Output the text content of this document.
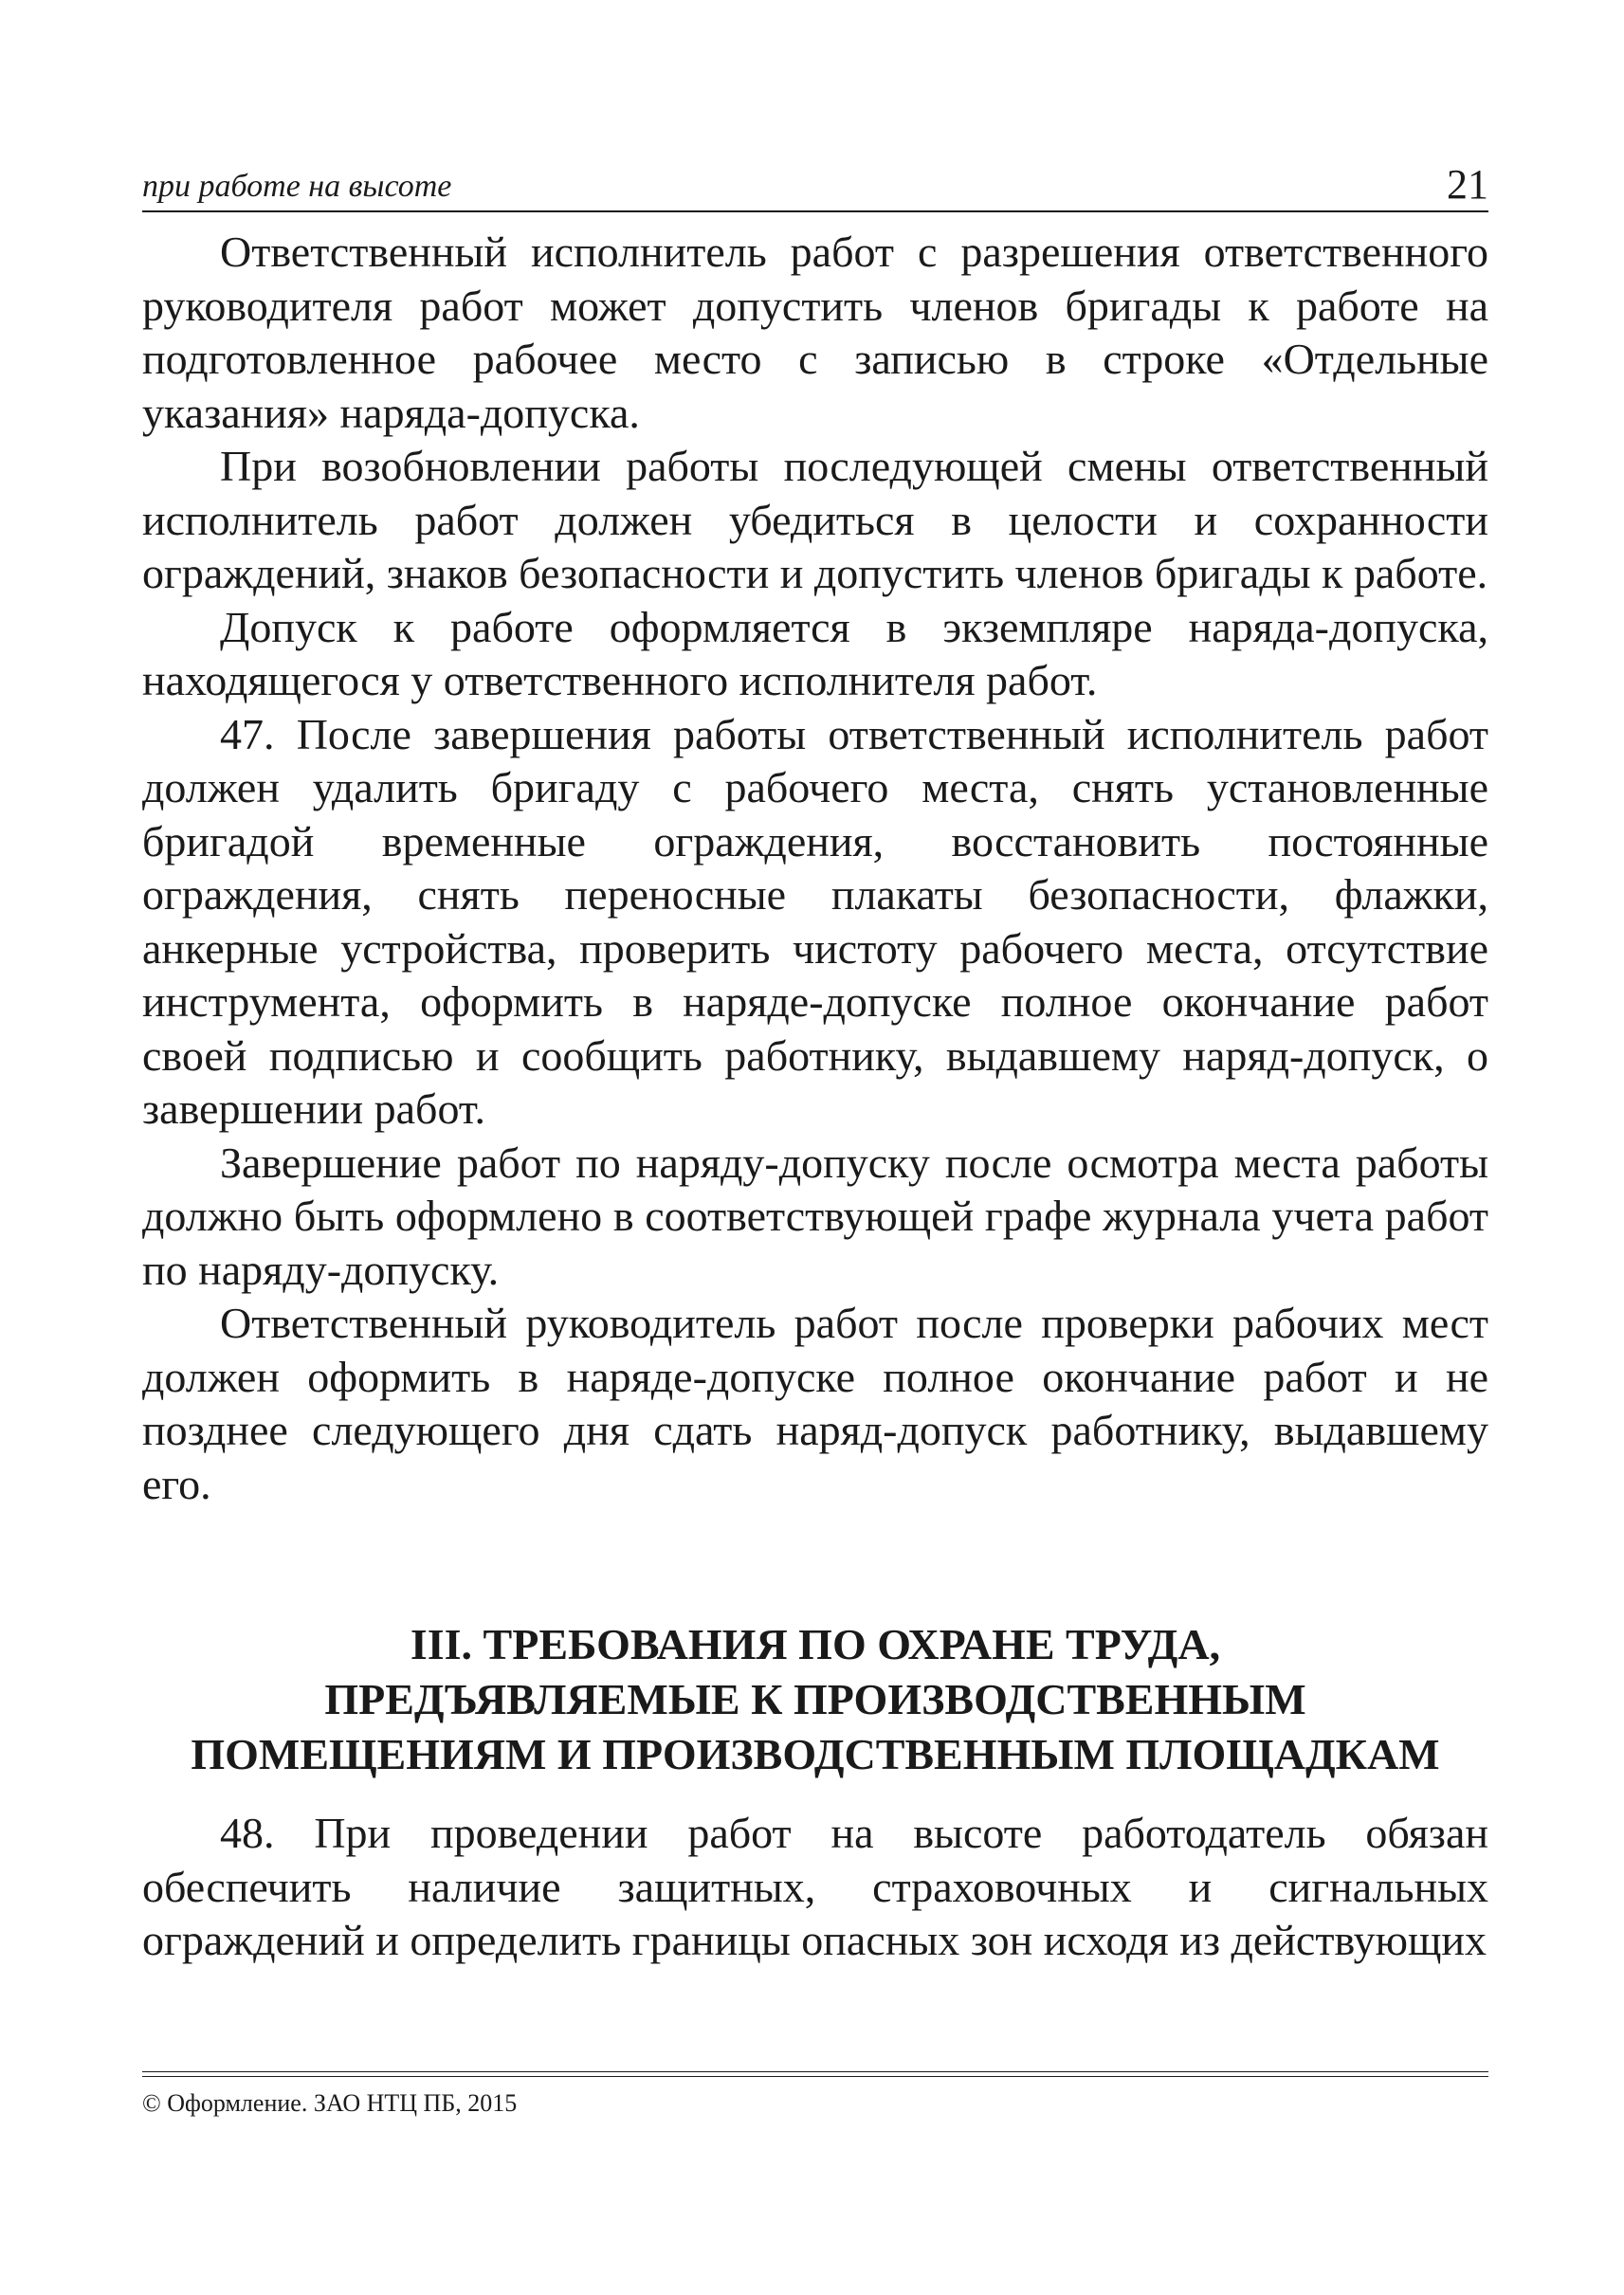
при работе на высоте	21

Ответственный исполнитель работ с разрешения ответственного руководителя работ может допустить членов бригады к работе на подготовленное рабочее место с записью в строке «Отдельные указания» наряда-допуска.

При возобновлении работы последующей смены ответственный исполнитель работ должен убедиться в целости и сохранности ограждений, знаков безопасности и допустить членов бригады к работе.

Допуск к работе оформляется в экземпляре наряда-допуска, находящегося у ответственного исполнителя работ.

47. После завершения работы ответственный исполнитель работ должен удалить бригаду с рабочего места, снять установленные бригадой временные ограждения, восстановить постоянные ограждения, снять переносные плакаты безопасности, флажки, анкерные устройства, проверить чистоту рабочего места, отсутствие инструмента, оформить в наряде-допуске полное окончание работ своей подписью и сообщить работнику, выдавшему наряд-допуск, о завершении работ.

Завершение работ по наряду-допуску после осмотра места работы должно быть оформлено в соответствующей графе журнала учета работ по наряду-допуску.

Ответственный руководитель работ после проверки рабочих мест должен оформить в наряде-допуске полное окончание работ и не позднее следующего дня сдать наряд-допуск работнику, выдавшему его.

III. ТРЕБОВАНИЯ ПО ОХРАНЕ ТРУДА,
ПРЕДЪЯВЛЯЕМЫЕ К ПРОИЗВОДСТВЕННЫМ
ПОМЕЩЕНИЯМ И ПРОИЗВОДСТВЕННЫМ ПЛОЩАДКАМ

48. При проведении работ на высоте работодатель обязан обеспечить наличие защитных, страховочных и сигнальных ограждений и определить границы опасных зон исходя из действующих

© Оформление. ЗАО НТЦ ПБ, 2015
